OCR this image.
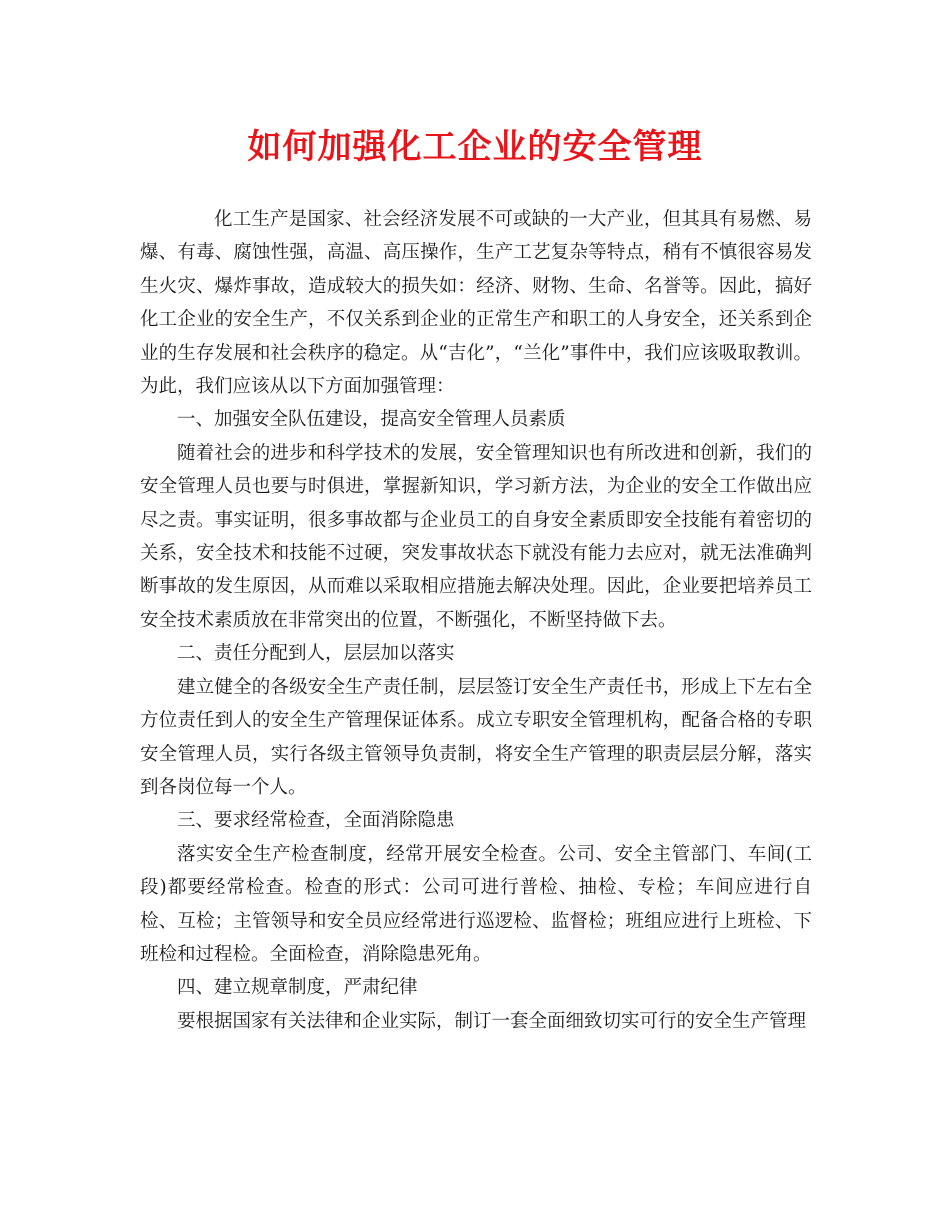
如何加强化工企业的安全管理

化工生产是国家、社会经济发展不可或缺的一大产业，但其具有易燃、易爆、有毒、腐蚀性强，高温、高压操作，生产工艺复杂等特点，稍有不慎很容易发生火灾、爆炸事故，造成较大的损失如：经济、财物、生命、名誉等。因此，搞好化工企业的安全生产，不仅关系到企业的正常生产和职工的人身安全，还关系到企业的生存发展和社会秩序的稳定。从“吉化”，“兰化”事件中，我们应该吸取教训。为此，我们应该从以下方面加强管理：

一、加强安全队伍建设，提高安全管理人员素质

随着社会的进步和科学技术的发展，安全管理知识也有所改进和创新，我们的安全管理人员也要与时俱进，掌握新知识，学习新方法，为企业的安全工作做出应尽之责。事实证明，很多事故都与企业员工的自身安全素质即安全技能有着密切的关系，安全技术和技能不过硬，突发事故状态下就没有能力去应对，就无法准确判断事故的发生原因，从而难以采取相应措施去解决处理。因此，企业要把培养员工安全技术素质放在非常突出的位置，不断强化，不断坚持做下去。

二、责任分配到人，层层加以落实

建立健全的各级安全生产责任制，层层签订安全生产责任书，形成上下左右全方位责任到人的安全生产管理保证体系。成立专职安全管理机构，配备合格的专职安全管理人员，实行各级主管领导负责制，将安全生产管理的职责层层分解，落实到各岗位每一个人。

三、要求经常检查，全面消除隐患

落实安全生产检查制度，经常开展安全检查。公司、安全主管部门、车间(工段)都要经常检查。检查的形式：公司可进行普检、抽检、专检；车间应进行自检、互检；主管领导和安全员应经常进行巡逻检、监督检；班组应进行上班检、下班检和过程检。全面检查，消除隐患死角。

四、建立规章制度，严肃纪律

要根据国家有关法律和企业实际，制订一套全面细致切实可行的安全生产管理
